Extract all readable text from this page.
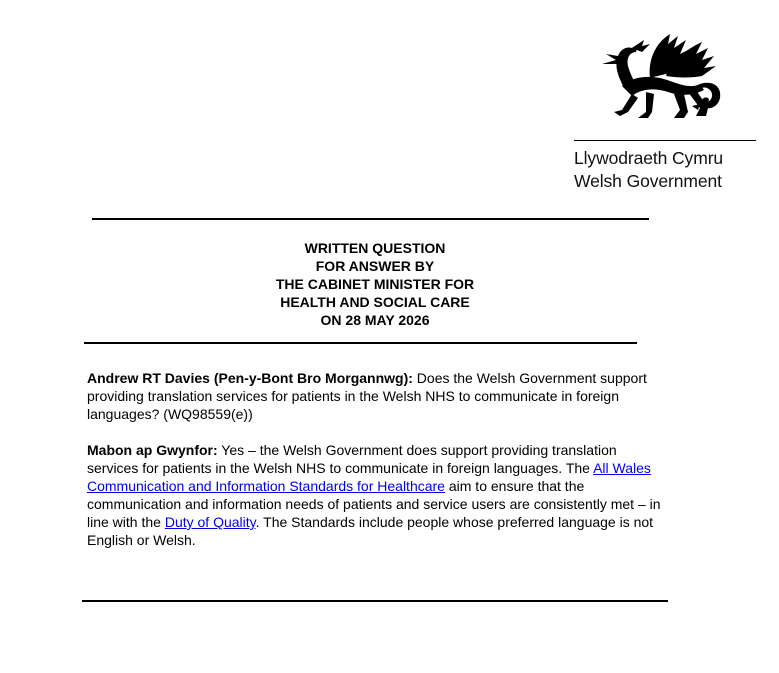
Llywodraeth Cymru
Welsh Government
WRITTEN QUESTION
FOR ANSWER BY
THE CABINET MINISTER FOR
HEALTH AND SOCIAL CARE
ON 28 MAY 2026
Andrew RT Davies (Pen-y-Bont Bro Morgannwg): Does the Welsh Government support providing translation services for patients in the Welsh NHS to communicate in foreign languages? (WQ98559(e))
Mabon ap Gwynfor: Yes – the Welsh Government does support providing translation services for patients in the Welsh NHS to communicate in foreign languages. The All Wales Communication and Information Standards for Healthcare aim to ensure that the communication and information needs of patients and service users are consistently met – in line with the Duty of Quality. The Standards include people whose preferred language is not English or Welsh.
